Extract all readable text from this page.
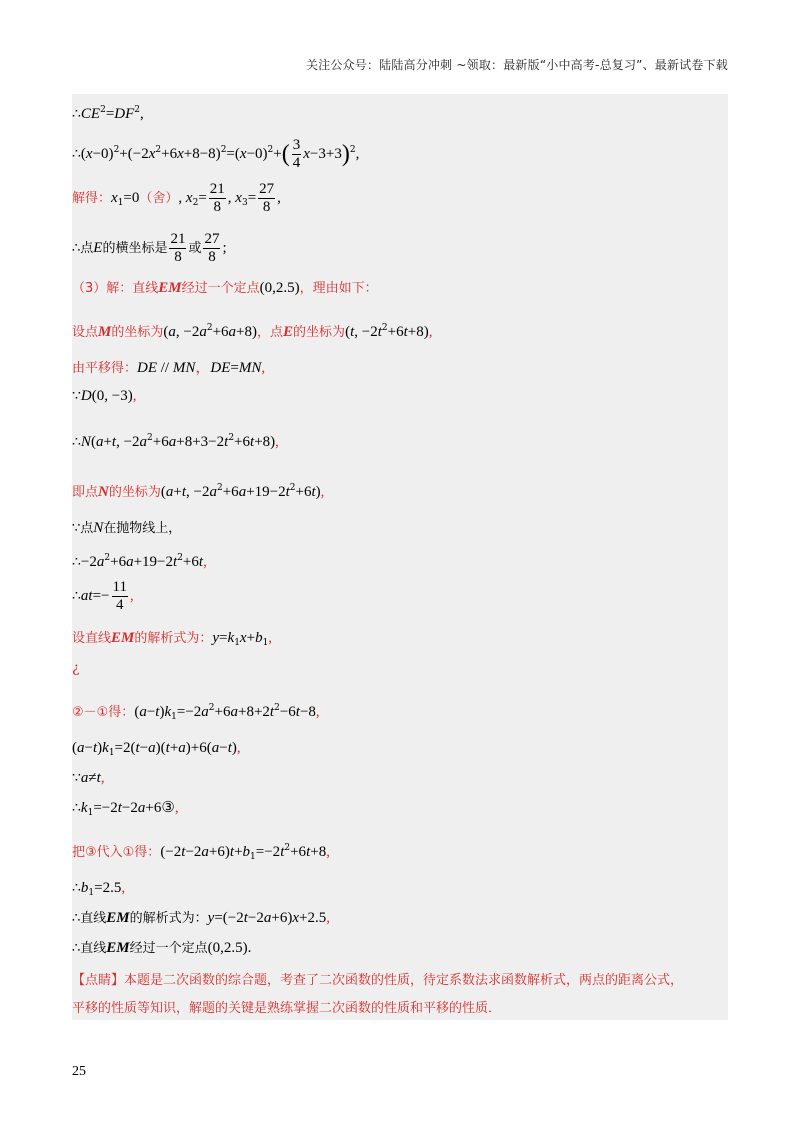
关注公众号：陆陆高分冲刺 ~领取：最新版“小中高考-总复习”、最新试卷下载
$\therefore CE^2=DF^2$,
$\therefore(x-0)^2+(-2x^2+6x+8-8)^2=(x-0)^2+( \frac{3}{4} x-3+3)^2$,
解得：$x_1=0$（舍）, $x_2= \frac{21}{8}$ , $x_3= \frac{27}{8}$ ,
∴点E的横坐标是 $\frac{21}{8}$ 或 $\frac{27}{8}$ ;
（3）解：直线EM经过一个定点(0,2.5)，理由如下：
设点M的坐标为(a, $-2a^2+6a+8$)，点E的坐标为(t, $-2t^2+6t+8$),
由平移得：DE // MN，DE=MN,
∵D(0, −3),
∴N(a+t, $-2a^2+6a+8+3-2t^2+6t+8$),
即点N的坐标为(a+t, $-2a^2+6a+19-2t^2+6t$),
∵点N在抛物线上，
$\therefore-2a^2+6a+19-2t^2+6t$,
∴at=− $\frac{11}{4}$ ,
设直线EM的解析式为：$y=k_1x+b_1$,
¿
②－①得：$(a-t)k_1=-2a^2+6a+8+2t^2-6t-8$,
$(a-t)k_1=2(t-a)(t+a)+6(a-t)$,
∵a≠t,
$\therefore k_1=-2t-2a+6③$,
把③代入①得：$(-2t-2a+6)t+b_1=-2t^2+6t+8$,
$\therefore b_1=2.5$,
∴直线EM的解析式为：y=(−2t−2a+6)x+2.5,
∴直线EM经过一个定点(0,2.5).
【点睛】本题是二次函数的综合题，考查了二次函数的性质，待定系数法求函数解析式，两点的距离公式，
平移的性质等知识，解题的关键是熟练掌握二次函数的性质和平移的性质．
25
